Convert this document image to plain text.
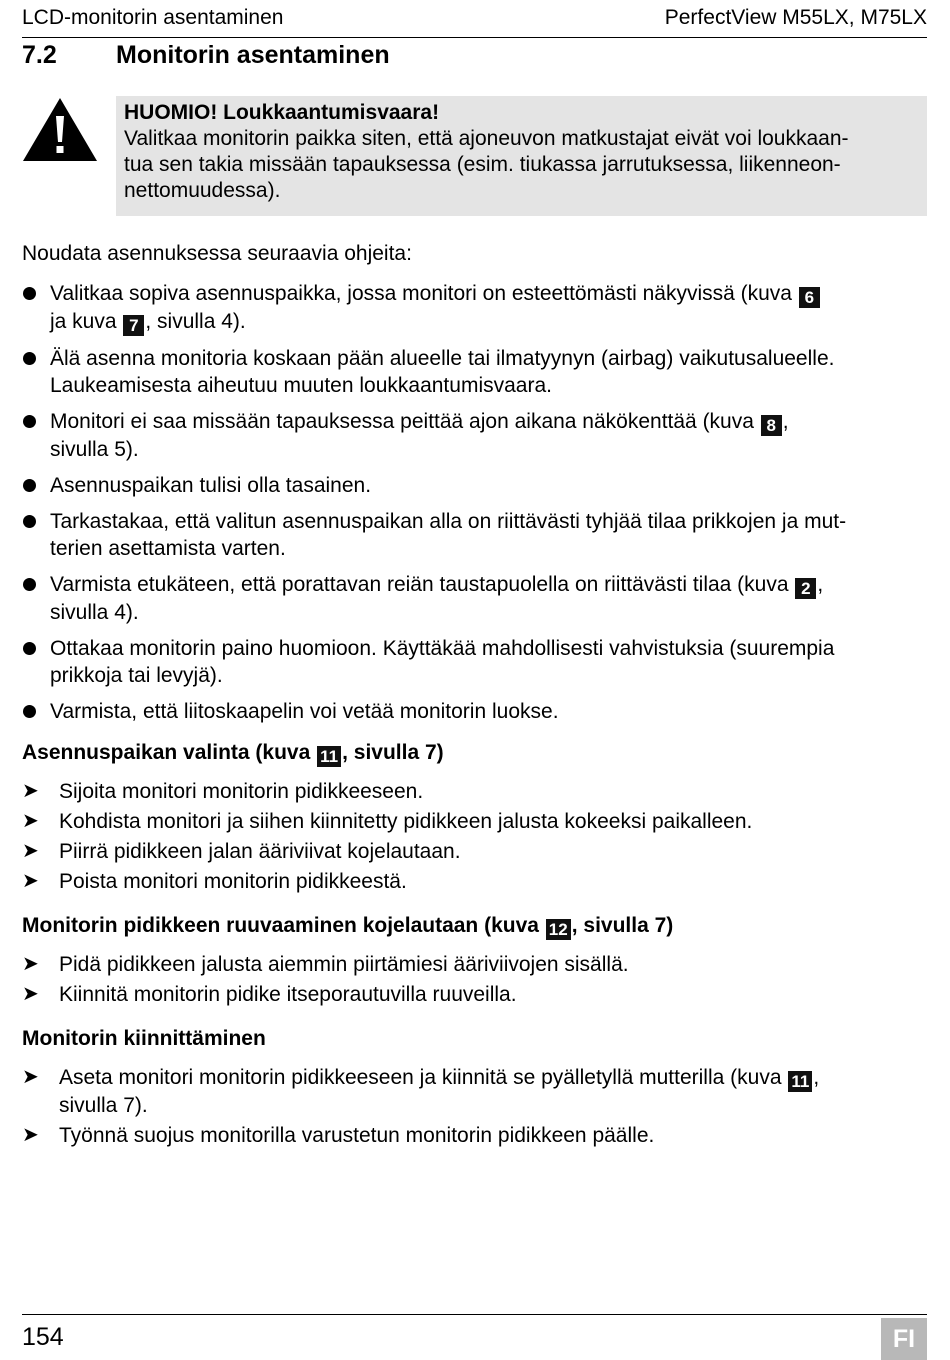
LCD-monitorin asentaminen	PerfectView M55LX, M75LX
7.2 Monitorin asentaminen
HUOMIO! Loukkaantumisvaara!
Valitkaa monitorin paikka siten, että ajoneuvon matkustajat eivät voi loukkaan-
tua sen takia missään tapauksessa (esim. tiukassa jarrutuksessa, liikenneon-
nettomuudessa).
Noudata asennuksessa seuraavia ohjeita:
Valitkaa sopiva asennuspaikka, jossa monitori on esteettömästi näkyvissä (kuva 6
ja kuva 7 , sivulla 4).
Älä asenna monitoria koskaan pään alueelle tai ilmatyynyn (airbag) vaikutusalueelle.
Laukeamisesta aiheutuu muuten loukkaantumisvaara.
Monitori ei saa missään tapauksessa peittää ajon aikana näkökenttää (kuva 8 ,
sivulla 5).
Asennuspaikan tulisi olla tasainen.
Tarkastakaa, että valitun asennuspaikan alla on riittävästi tyhjää tilaa prikkojen ja mut-
terien asettamista varten.
Varmista etukäteen, että porattavan reiän taustapuolella on riittävästi tilaa (kuva 2 ,
sivulla 4).
Ottakaa monitorin paino huomioon. Käyttäkää mahdollisesti vahvistuksia (suurempia
prikkoja tai levyjä).
Varmista, että liitoskaapelin voi vetää monitorin luokse.
Asennuspaikan valinta (kuva 11 , sivulla 7)
➤ Sijoita monitori monitorin pidikkeeseen.
➤ Kohdista monitori ja siihen kiinnitetty pidikkeen jalusta kokeeksi paikalleen.
➤ Piirrä pidikkeen jalan ääriviivat kojelautaan.
➤ Poista monitori monitorin pidikkeestä.
Monitorin pidikkeen ruuvaaminen kojelautaan (kuva 12 , sivulla 7)
➤ Pidä pidikkeen jalusta aiemmin piirtämiesi ääriviivojen sisällä.
➤ Kiinnitä monitorin pidike itseporautuvilla ruuveilla.
Monitorin kiinnittäminen
➤ Aseta monitori monitorin pidikkeeseen ja kiinnitä se pyälletyllä mutterilla (kuva 11 ,
sivulla 7).
➤ Työnnä suojus monitorilla varustetun monitorin pidikkeen päälle.
154	FI
